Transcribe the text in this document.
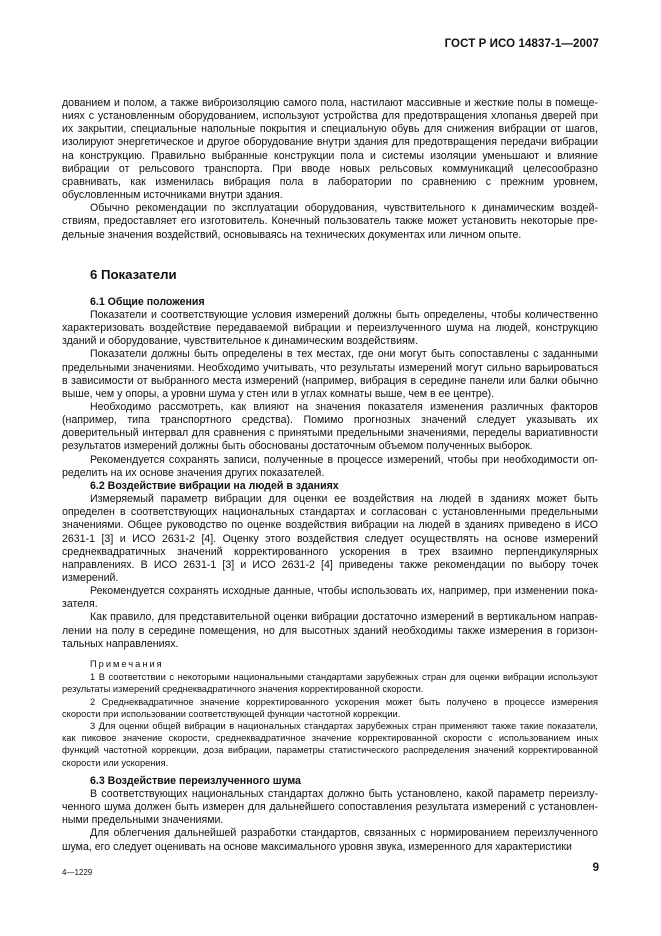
ГОСТ Р ИСО 14837-1—2007

дованием и полом, а также виброизоляцию самого пола, настилают массивные и жесткие полы в помещениях с установленным оборудованием, используют устройства для предотвращения хлопанья дверей при их закрытии, специальные напольные покрытия и специальную обувь для снижения вибрации от шагов, изолируют энергетическое и другое оборудование внутри здания для предотвращения передачи вибрации на конструкцию. Правильно выбранные конструкции пола и системы изоляции уменьшают и влияние вибрации от рельсового транспорта. При вводе новых рельсовых коммуникаций целесообразно сравнивать, как изменилась вибрация пола в лаборатории по сравнению с прежним уровнем, обусловленным источниками внутри здания.

Обычно рекомендации по эксплуатации оборудования, чувствительного к динамическим воздействиям, предоставляет его изготовитель. Конечный пользователь также может установить некоторые предельные значения воздействий, основываясь на технических документах или личном опыте.

6 Показатели
6.1 Общие положения

Показатели и соответствующие условия измерений должны быть определены, чтобы количественно характеризовать воздействие передаваемой вибрации и переизлученного шума на людей, конструкцию зданий и оборудование, чувствительное к динамическим воздействиям.

Показатели должны быть определены в тех местах, где они могут быть сопоставлены с заданными предельными значениями. Необходимо учитывать, что результаты измерений могут сильно варьироваться в зависимости от выбранного места измерений (например, вибрация в середине панели или балки обычно выше, чем у опоры, а уровни шума у стен или в углах комнаты выше, чем в ее центре).

Необходимо рассмотреть, как влияют на значения показателя изменения различных факторов (например, типа транспортного средства). Помимо прогнозных значений следует указывать их доверительный интервал для сравнения с принятыми предельными значениями, переделы вариативности результатов измерений должны быть обоснованы достаточным объемом полученных выборок.

Рекомендуется сохранять записи, полученные в процессе измерений, чтобы при необходимости определить на их основе значения других показателей.

6.2 Воздействие вибрации на людей в зданиях

Измеряемый параметр вибрации для оценки ее воздействия на людей в зданиях может быть определен в соответствующих национальных стандартах и согласован с установленными предельными значениями. Общее руководство по оценке воздействия вибрации на людей в зданиях приведено в ИСО 2631-1 [3] и ИСО 2631-2 [4]. Оценку этого воздействия следует осуществлять на основе измерений среднеквадратичных значений корректированного ускорения в трех взаимно перпендикулярных направлениях. В ИСО 2631-1 [3] и ИСО 2631-2 [4] приведены также рекомендации по выбору точек измерений.

Рекомендуется сохранять исходные данные, чтобы использовать их, например, при изменении показателя.

Как правило, для представительной оценки вибрации достаточно измерений в вертикальном направлении на полу в середине помещения, но для высотных зданий необходимы также измерения в горизонтальных направлениях.

Примечания

1 В соответствии с некоторыми национальными стандартами зарубежных стран для оценки вибрации используют результаты измерений среднеквадратичного значения корректированной скорости.

2 Среднеквадратичное значение корректированного ускорения может быть получено в процессе измерения скорости при использовании соответствующей функции частотной коррекции.

3 Для оценки общей вибрации в национальных стандартах зарубежных стран применяют также такие показатели, как пиковое значение скорости, среднеквадратичное значение корректированной скорости с использованием иных функций частотной коррекции, доза вибрации, параметры статистического распределения значений корректированной скорости или ускорения.

6.3 Воздействие переизлученного шума

В соответствующих национальных стандартах должно быть установлено, какой параметр переизлученного шума должен быть измерен для дальнейшего сопоставления результата измерений с установленными предельными значениями.

Для облегчения дальнейшей разработки стандартов, связанных с нормированием переизлученного шума, его следует оценивать на основе максимального уровня звука, измеренного для характеристики

4—1229	9
